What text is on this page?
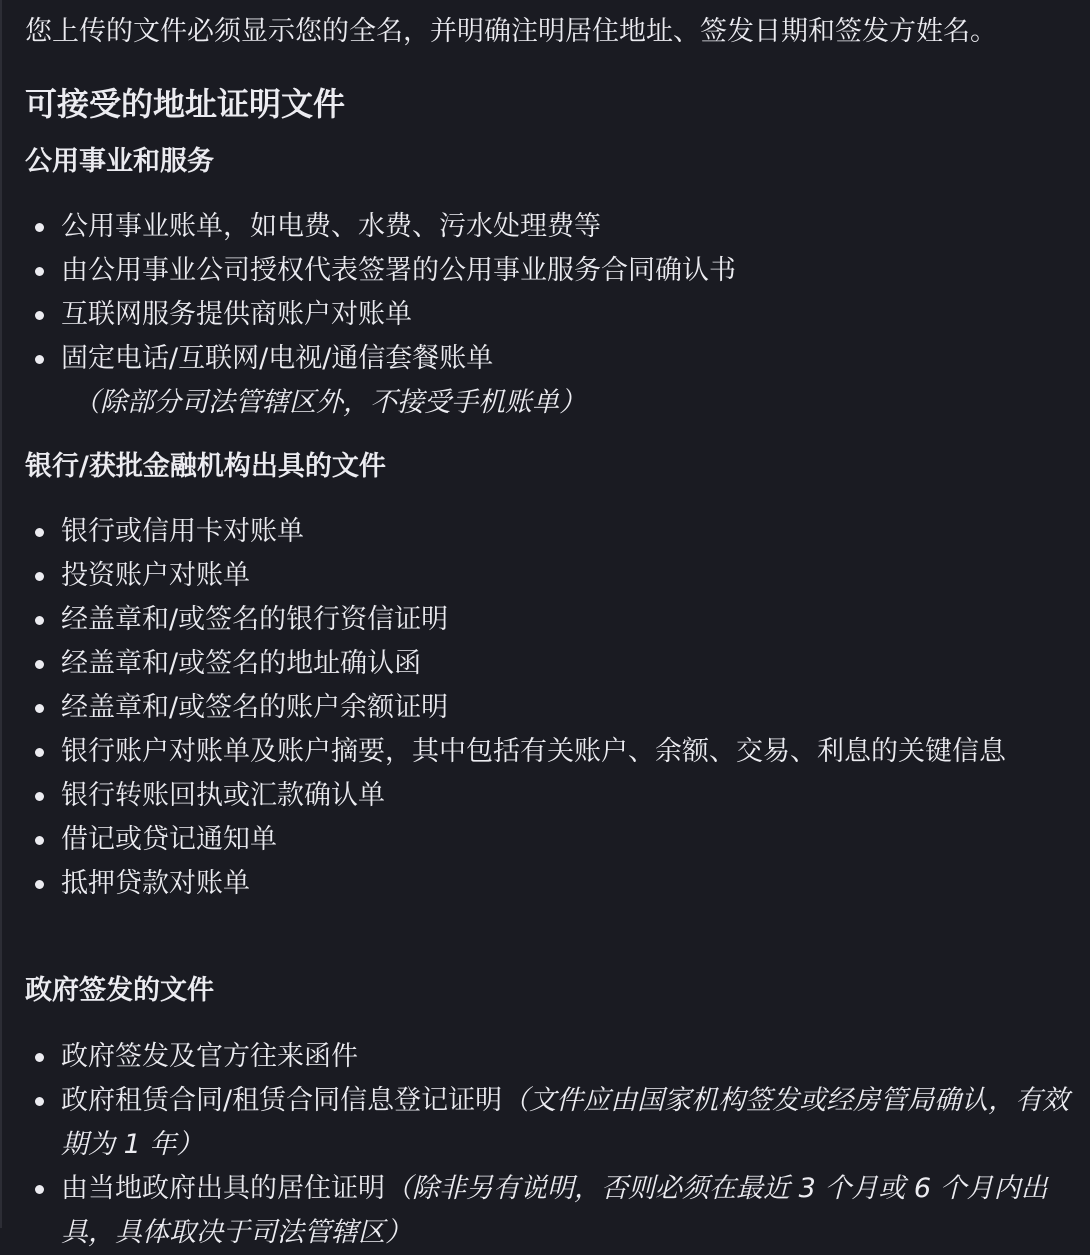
您上传的文件必须显示您的全名，并明确注明居住地址、签发日期和签发方姓名。

可接受的地址证明文件
公用事业和服务
公用事业账单，如电费、水费、污水处理费等
由公用事业公司授权代表签署的公用事业服务合同确认书
互联网服务提供商账户对账单
固定电话/互联网/电视/通信套餐账单
（除部分司法管辖区外，不接受手机账单）
银行/获批金融机构出具的文件
银行或信用卡对账单
投资账户对账单
经盖章和/或签名的银行资信证明
经盖章和/或签名的地址确认函
经盖章和/或签名的账户余额证明
银行账户对账单及账户摘要，其中包括有关账户、余额、交易、利息的关键信息
银行转账回执或汇款确认单
借记或贷记通知单
抵押贷款对账单
政府签发的文件
政府签发及官方往来函件
政府租赁合同/租赁合同信息登记证明（文件应由国家机构签发或经房管局确认，有效期为 1 年）
由当地政府出具的居住证明（除非另有说明，否则必须在最近 3 个月或 6 个月内出具，具体取决于司法管辖区）
